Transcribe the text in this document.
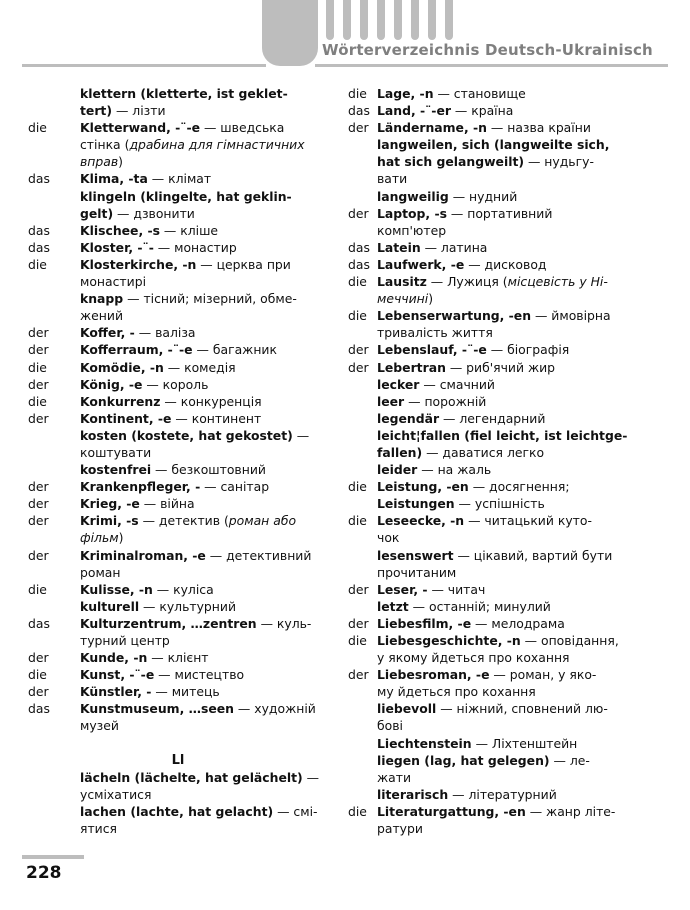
Wörterverzeichnis Deutsch-Ukrainisch
klettern (kletterte, ist geklet-
tert) — лізти
die	Kletterwand, -¨-e — шведська
стінка (драбина для гімнастичних
вправ)
das Klima, -ta — клімат
klingeln (klingelte, hat geklin-
gelt) — дзвонити
das Klischee, -s — кліше
das Kloster, -¨- — монастир
die	Klosterkirche, -n — церква при
монастирі
knapp — тісний; мізерний, обме-
жений
der	Koffer, - — валіза
der	Kofferraum, -¨-e — багажник
die	Komödie, -n — комедія
der	König, -e — король
die	Konkurrenz — конкуренція
der	Kontinent, -e — континент
kosten (kostete, hat gekostet) —
коштувати
kostenfrei — безкоштовний
der	Krankenpfleger, - — санітар
der	Krieg, -e — війна
der	Krimi, -s — детектив (роман або
фільм)
der	Kriminalroman, -e — детективний
роман
die	Kulisse, -n — куліса
kulturell — культурний
das Kulturzentrum, …zentren — куль-
турний центр
der	Kunde, -n — клієнт
die	Kunst, -¨-e — мистецтво
der	Künstler, - — митець
das Kunstmuseum, …seen — художній
музей
Ll
lächeln (lächelte, hat gelächelt) —
усміхатися
lachen (lachte, hat gelacht) — смі-
ятися
die Lage, -n — становище
das Land, -¨-er — країна
der Ländername, -n — назва країни
langweilen, sich (langweilte sich,
hat sich gelangweilt) — нудьгу-
вати
langweilig — нудний
der Laptop, -s — портативний
комп'ютер
das Latein — латина
das Laufwerk, -e — дисковод
die Lausitz — Лужиця (місцевість у Ні-
меччині)
die Lebenserwartung, -en — ймовірна
тривалість життя
der Lebenslauf, -¨-e — біографія
der Lebertran — риб'ячий жир
lecker — смачний
leer — порожній
legendär — легендарний
leicht¦fallen (fiel leicht, ist leichtge-
fallen) — даватися легко
leider — на жаль
die Leistung, -en — досягнення;
Leistungen — успішність
die Leseecke, -n — читацький куто-
чок
lesenswert — цікавий, вартий бути
прочитаним
der Leser, - — читач
letzt — останній; минулий
der Liebesfilm, -e — мелодрама
die Liebesgeschichte, -n — оповідання,
у якому йдеться про кохання
der Liebesroman, -e — роман, у яко-
му йдеться про кохання
liebevoll — ніжний, сповнений лю-
бові
Liechtenstein — Ліхтенштейн
liegen (lag, hat gelegen) — ле-
жати
literarisch — літературний
die Literaturgattung, -en — жанр літе-
ратури
228
